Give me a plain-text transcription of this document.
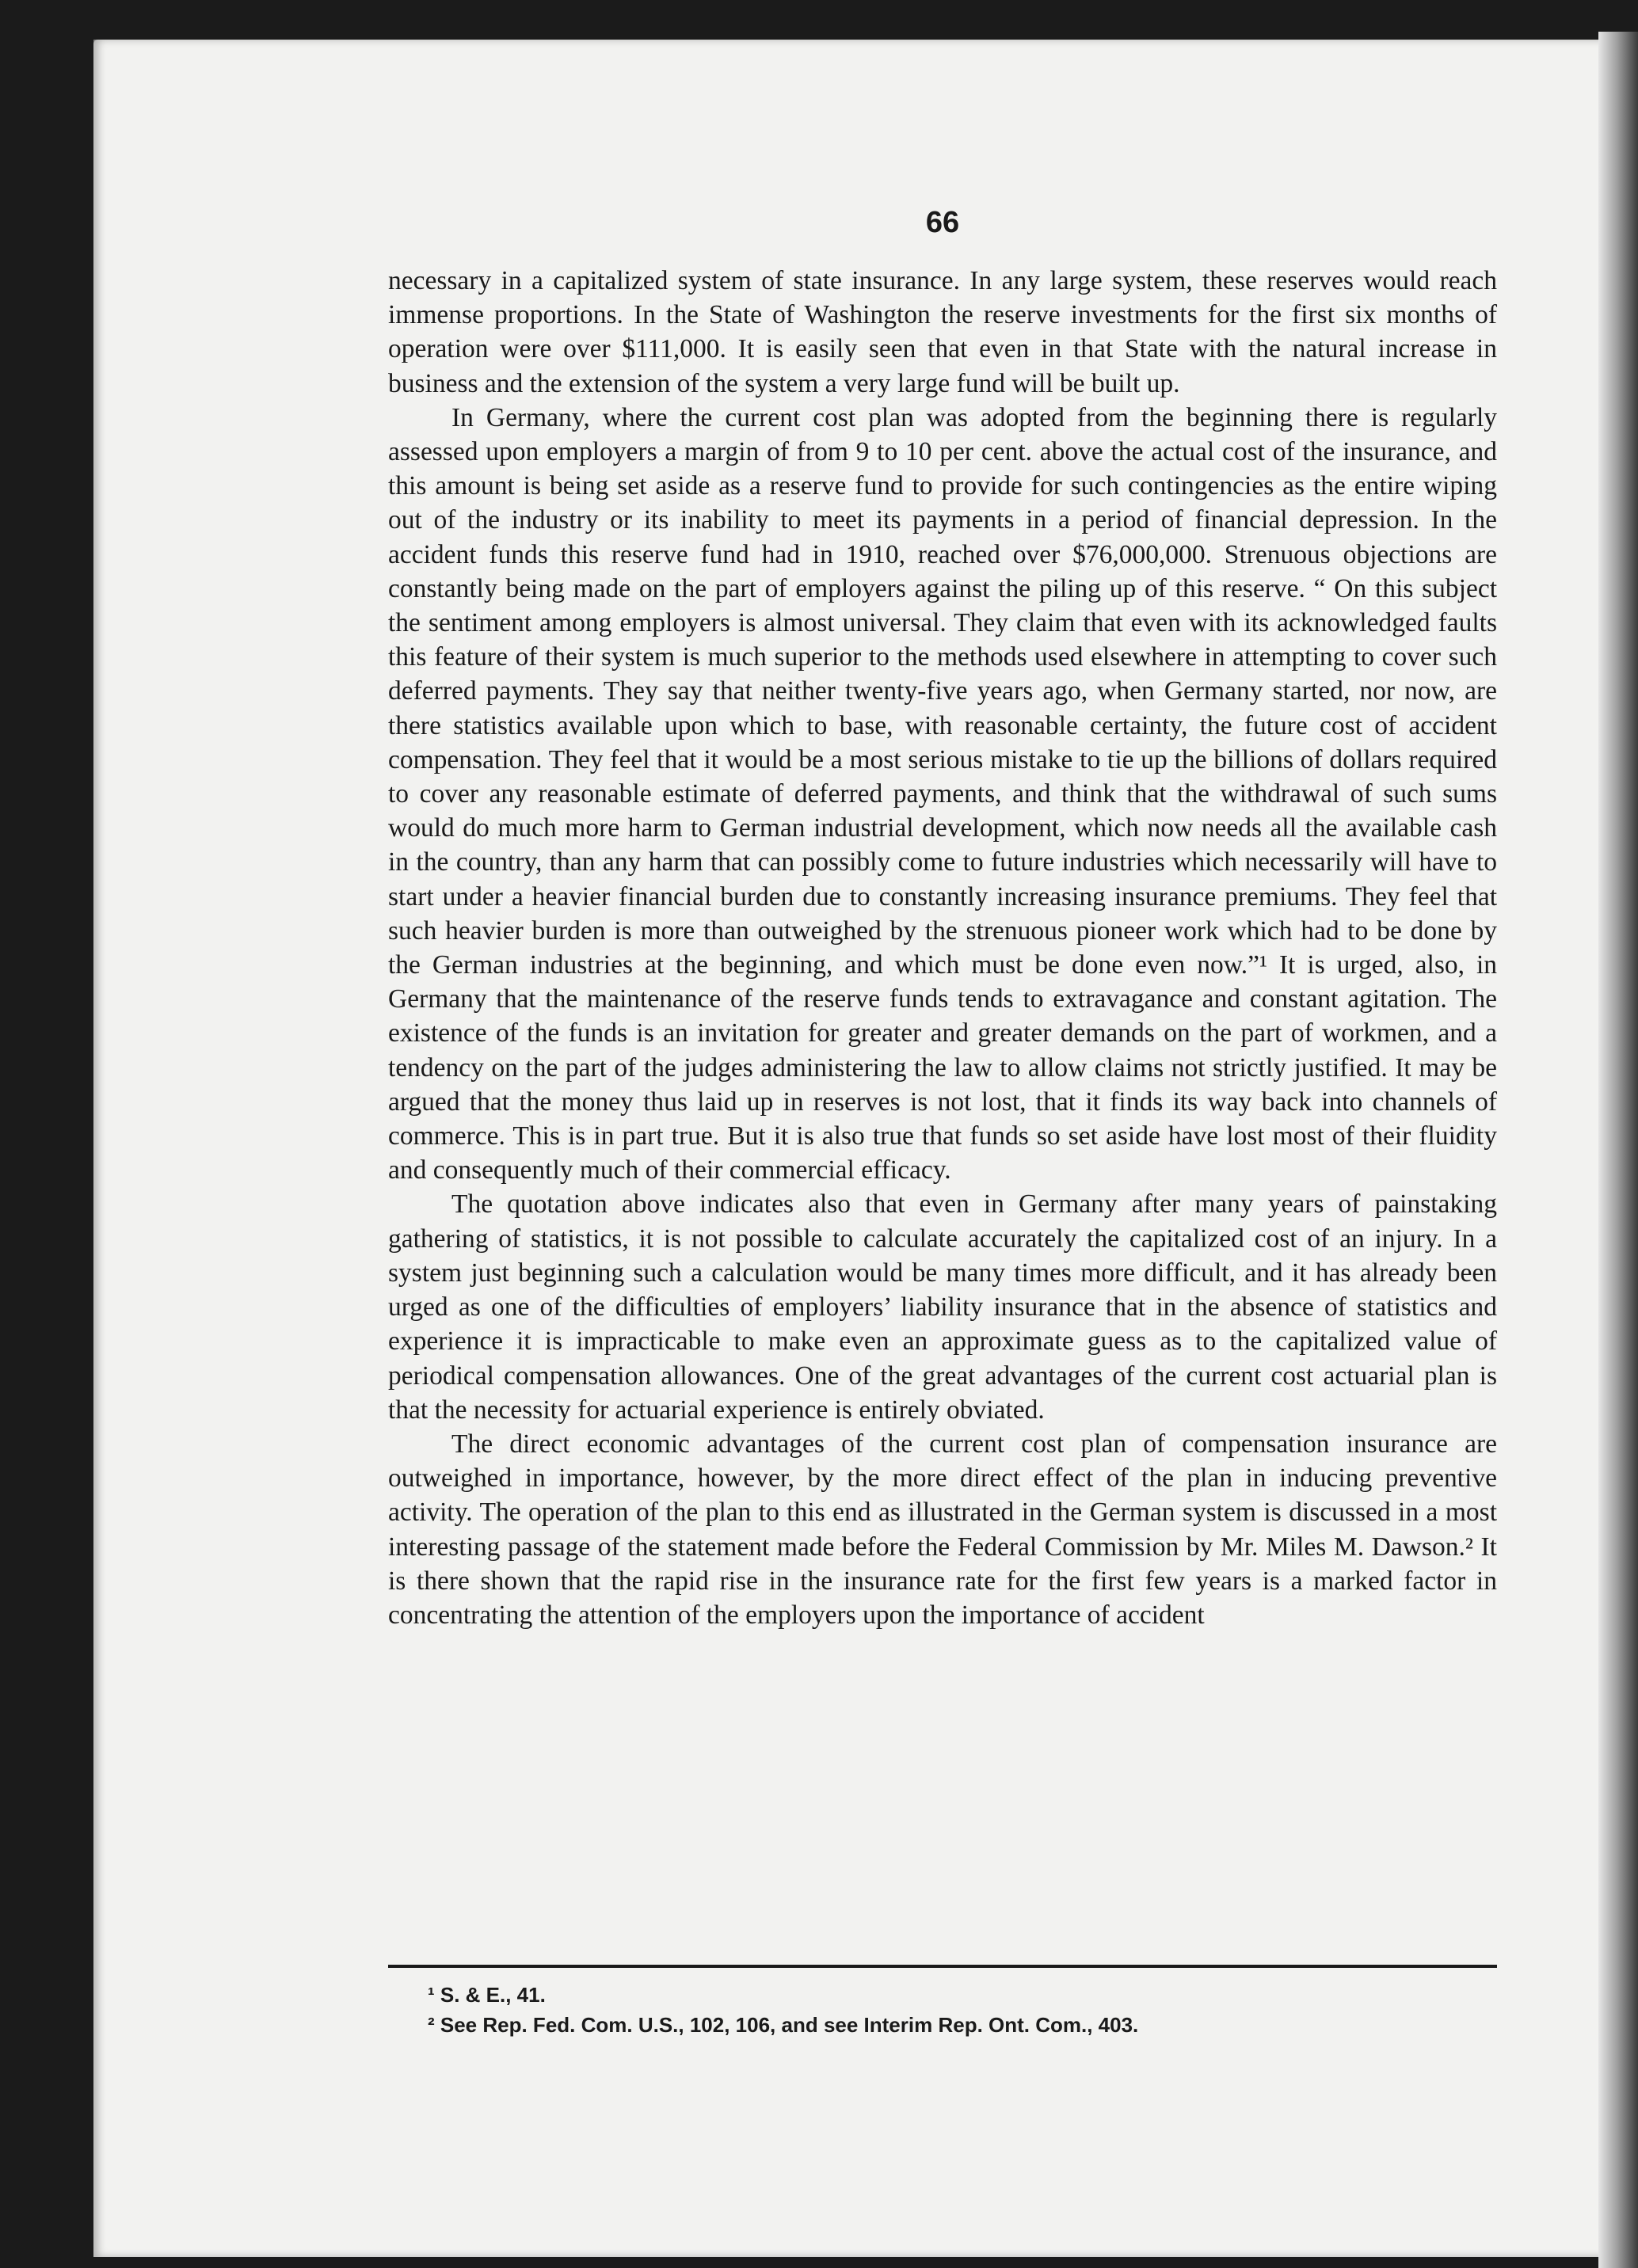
66

necessary in a capitalized system of state insurance. In any large system, these reserves would reach immense proportions. In the State of Washington the reserve investments for the first six months of operation were over $111,000. It is easily seen that even in that State with the natural increase in business and the extension of the system a very large fund will be built up.

In Germany, where the current cost plan was adopted from the beginning there is regularly assessed upon employers a margin of from 9 to 10 per cent. above the actual cost of the insurance, and this amount is being set aside as a reserve fund to provide for such contingencies as the entire wiping out of the industry or its inability to meet its payments in a period of financial depression. In the accident funds this reserve fund had in 1910, reached over $76,000,000. Strenuous objections are constantly being made on the part of employers against the piling up of this reserve. “ On this subject the sentiment among employers is almost universal. They claim that even with its acknowledged faults this feature of their system is much superior to the methods used elsewhere in attempting to cover such deferred payments. They say that neither twenty-five years ago, when Germany started, nor now, are there statistics available upon which to base, with reasonable certainty, the future cost of accident compensation. They feel that it would be a most serious mistake to tie up the billions of dollars required to cover any reasonable estimate of deferred payments, and think that the withdrawal of such sums would do much more harm to German industrial development, which now needs all the available cash in the country, than any harm that can possibly come to future industries which necessarily will have to start under a heavier financial burden due to constantly increasing insurance premiums. They feel that such heavier burden is more than outweighed by the strenuous pioneer work which had to be done by the German industries at the beginning, and which must be done even now.”¹ It is urged, also, in Germany that the maintenance of the reserve funds tends to extravagance and constant agitation. The existence of the funds is an invitation for greater and greater demands on the part of workmen, and a tendency on the part of the judges administering the law to allow claims not strictly justified. It may be argued that the money thus laid up in reserves is not lost, that it finds its way back into channels of commerce. This is in part true. But it is also true that funds so set aside have lost most of their fluidity and consequently much of their commercial efficacy.

The quotation above indicates also that even in Germany after many years of painstaking gathering of statistics, it is not possible to calculate accurately the capitalized cost of an injury. In a system just beginning such a calculation would be many times more difficult, and it has already been urged as one of the difficulties of employers’ liability insurance that in the absence of statistics and experience it is impracticable to make even an approximate guess as to the capitalized value of periodical compensation allowances. One of the great advantages of the current cost actuarial plan is that the necessity for actuarial experience is entirely obviated.

The direct economic advantages of the current cost plan of compensation insurance are outweighed in importance, however, by the more direct effect of the plan in inducing preventive activity. The operation of the plan to this end as illustrated in the German system is discussed in a most interesting passage of the statement made before the Federal Commission by Mr. Miles M. Dawson.² It is there shown that the rapid rise in the insurance rate for the first few years is a marked factor in concentrating the attention of the employers upon the importance of accident

¹ S. & E., 41.
² See Rep. Fed. Com. U.S., 102, 106, and see Interim Rep. Ont. Com., 403.
